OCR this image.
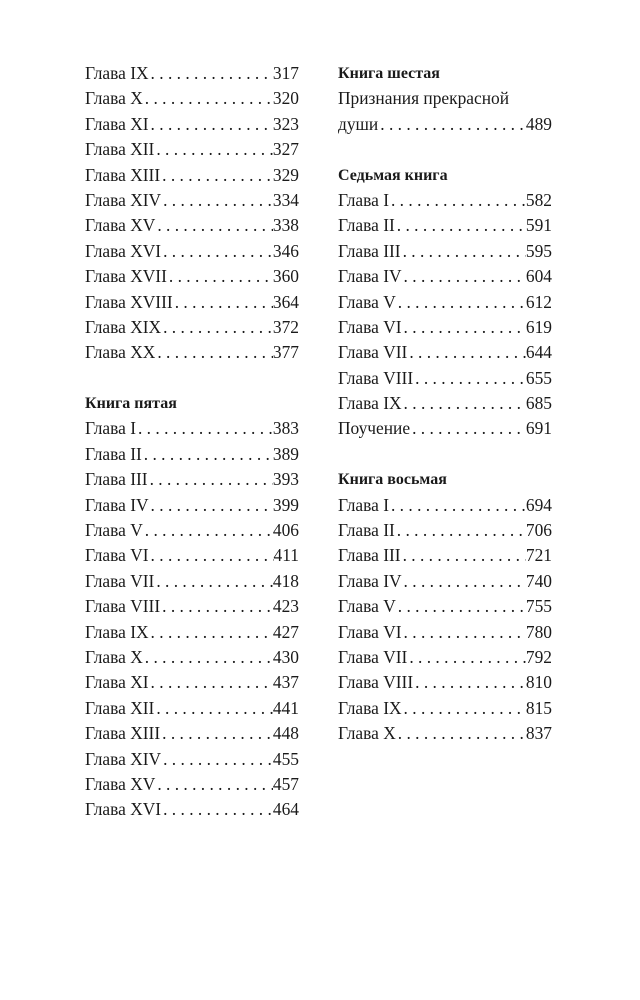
Глава IX . . .	317
Глава X . . .	320
Глава XI . . .	323
Глава XII . . .	327
Глава XIII . . .	329
Глава XIV . . .	334
Глава XV . . .	338
Глава XVI . . .	346
Глава XVII . . .	360
Глава XVIII . . .	364
Глава XIX . . .	372
Глава XX . . .	377
Книга пятая
Глава I . . .	383
Глава II . . .	389
Глава III . . .	393
Глава IV . . .	399
Глава V . . .	406
Глава VI . . .	411
Глава VII . . .	418
Глава VIII . . .	423
Глава IX . . .	427
Глава X . . .	430
Глава XI . . .	437
Глава XII . . .	441
Глава XIII . . .	448
Глава XIV . . .	455
Глава XV . . .	457
Глава XVI . . .	464
Книга шестая
Признания прекрасной
души . . .	489
Седьмая книга
Глава I . . .	582
Глава II . . .	591
Глава III . . .	595
Глава IV . . .	604
Глава V . . .	612
Глава VI . . .	619
Глава VII . . .	644
Глава VIII . . .	655
Глава IX . . .	685
Поучение . . .	691
Книга восьмая
Глава I . . .	694
Глава II . . .	706
Глава III . . .	721
Глава IV . . .	740
Глава V . . .	755
Глава VI . . .	780
Глава VII . . .	792
Глава VIII . . .	810
Глава IX . . .	815
Глава X . . .	837
